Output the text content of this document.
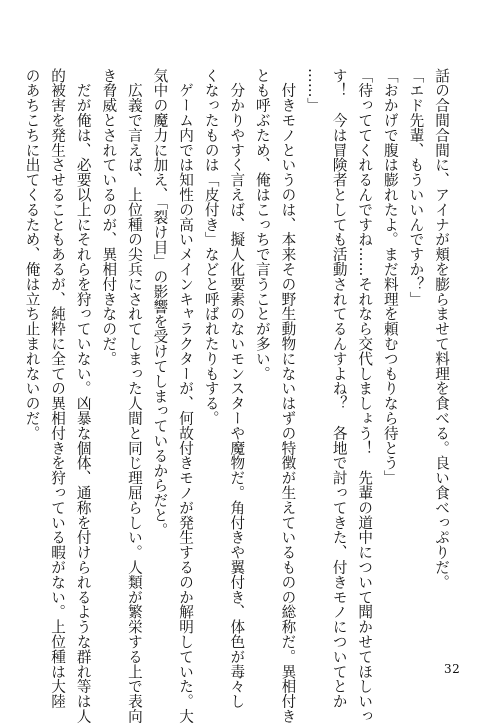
話の合間合間に、アイナが頬を膨らませて料理を食べる。良い食べっぷりだ。
「エド先輩、もういいんですか？」
「おかげで腹は膨れたよ。まだ料理を頼むつもりなら待とう」
「待っててくれるんですね……それなら交代しましょう！　先輩の道中について聞かせてほしいっ
す！　今は冒険者としても活動されてるんすよね？　各地で討ってきた、付きモノについてとか
……」
　付きモノというのは、本来その野生動物にないはずの特徴が生えているものの総称だ。異相付き
とも呼ぶため、俺はこっちで言うことが多い。
　分かりやすく言えば、擬人化要素のないモンスターや魔物だ。角付きや翼付き、体色が毒々し
くなったものは「皮付き」などと呼ばれたりもする。
　ゲーム内では知性の高いメインキャラクターが、何故付きモノが発生するのか解明していた。大
気中の魔力に加え、「裂け目」の影響を受けてしまっているからだと。
　広義で言えば、上位種の尖兵にされてしまった人間と同じ理屈らしい。人類が繁栄する上で表向
き脅威とされているのが、異相付きなのだ。
　だが俺は、必要以上にそれらを狩っていない。凶暴な個体、通称を付けられるような群れ等は人
的被害を発生させることもあるが、純粋に全ての異相付きを狩っている暇がない。上位種は大陸
のあちこちに出てくるため、俺は立ち止まれないのだ。
32
